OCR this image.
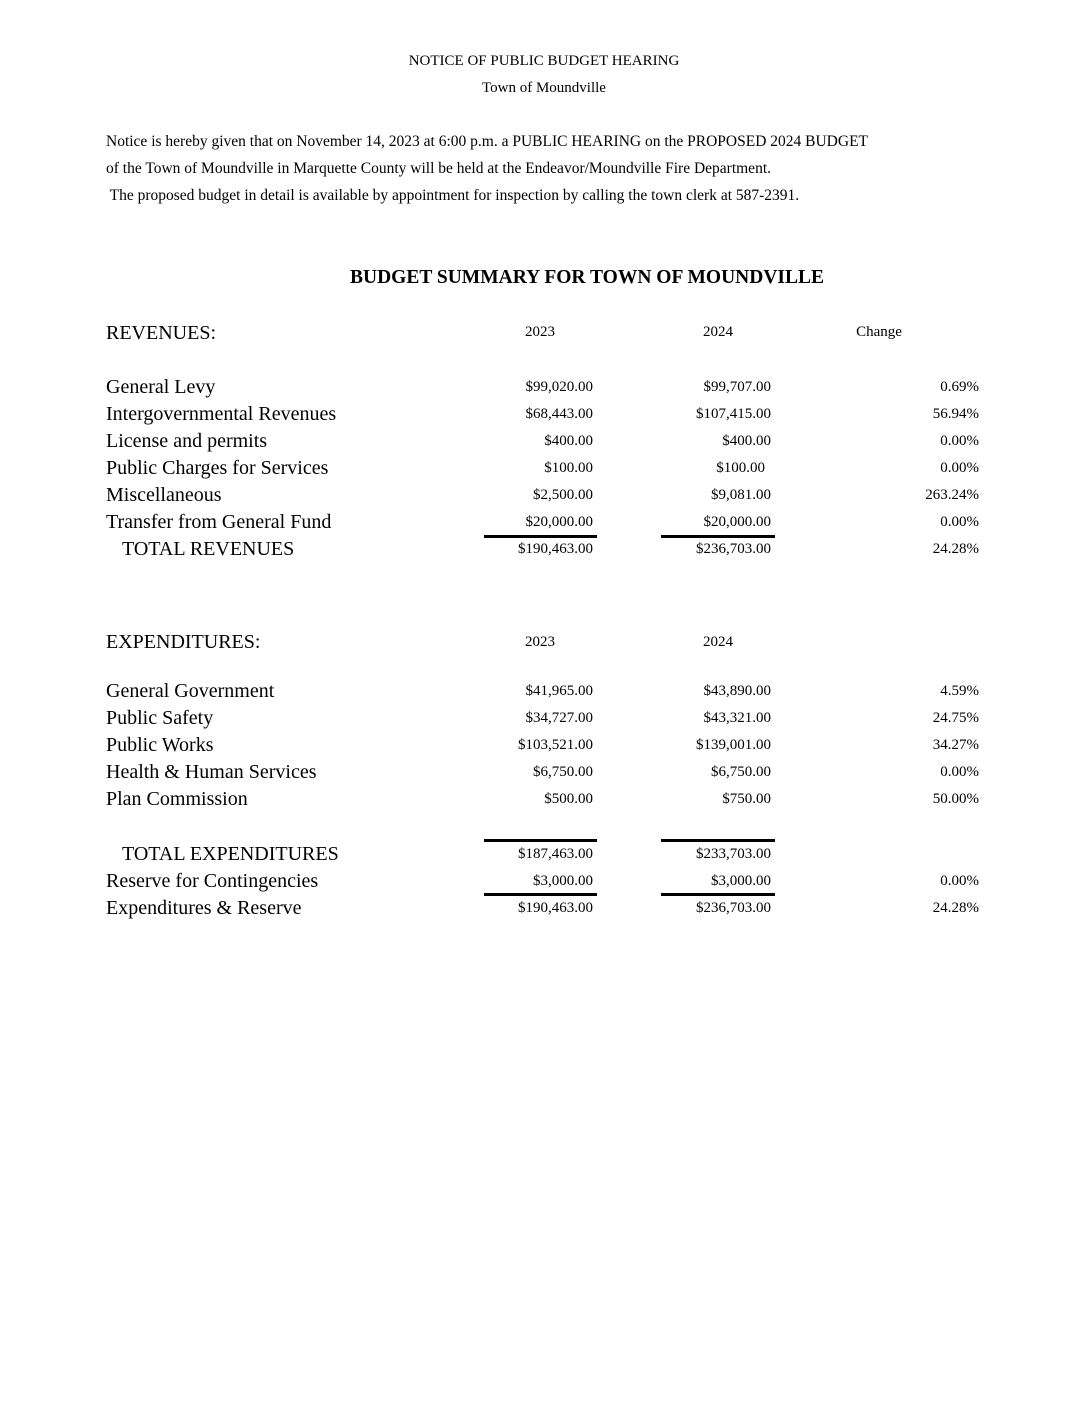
NOTICE OF PUBLIC BUDGET HEARING
Town of Moundville
Notice is hereby given that on November 14, 2023 at 6:00 p.m. a PUBLIC HEARING on the PROPOSED 2024 BUDGET
of the Town of Moundville in Marquette County will be held at the Endeavor/Moundville Fire Department.
The proposed budget in detail is available by appointment for inspection by calling the town clerk at 587-2391.
BUDGET SUMMARY FOR TOWN OF MOUNDVILLE
REVENUES:	2023	2024	Change
General Levy	$99,020.00	$99,707.00	0.69%
Intergovernmental Revenues	$68,443.00	$107,415.00	56.94%
License and permits	$400.00	$400.00	0.00%
Public Charges for Services	$100.00	$100.00	0.00%
Miscellaneous	$2,500.00	$9,081.00	263.24%
Transfer from General Fund	$20,000.00	$20,000.00	0.00%
TOTAL REVENUES	$190,463.00	$236,703.00	24.28%
EXPENDITURES:	2023	2024
General Government	$41,965.00	$43,890.00	4.59%
Public Safety	$34,727.00	$43,321.00	24.75%
Public Works	$103,521.00	$139,001.00	34.27%
Health & Human Services	$6,750.00	$6,750.00	0.00%
Plan Commission	$500.00	$750.00	50.00%
TOTAL EXPENDITURES	$187,463.00	$233,703.00
Reserve for Contingencies	$3,000.00	$3,000.00	0.00%
Expenditures & Reserve	$190,463.00	$236,703.00	24.28%
